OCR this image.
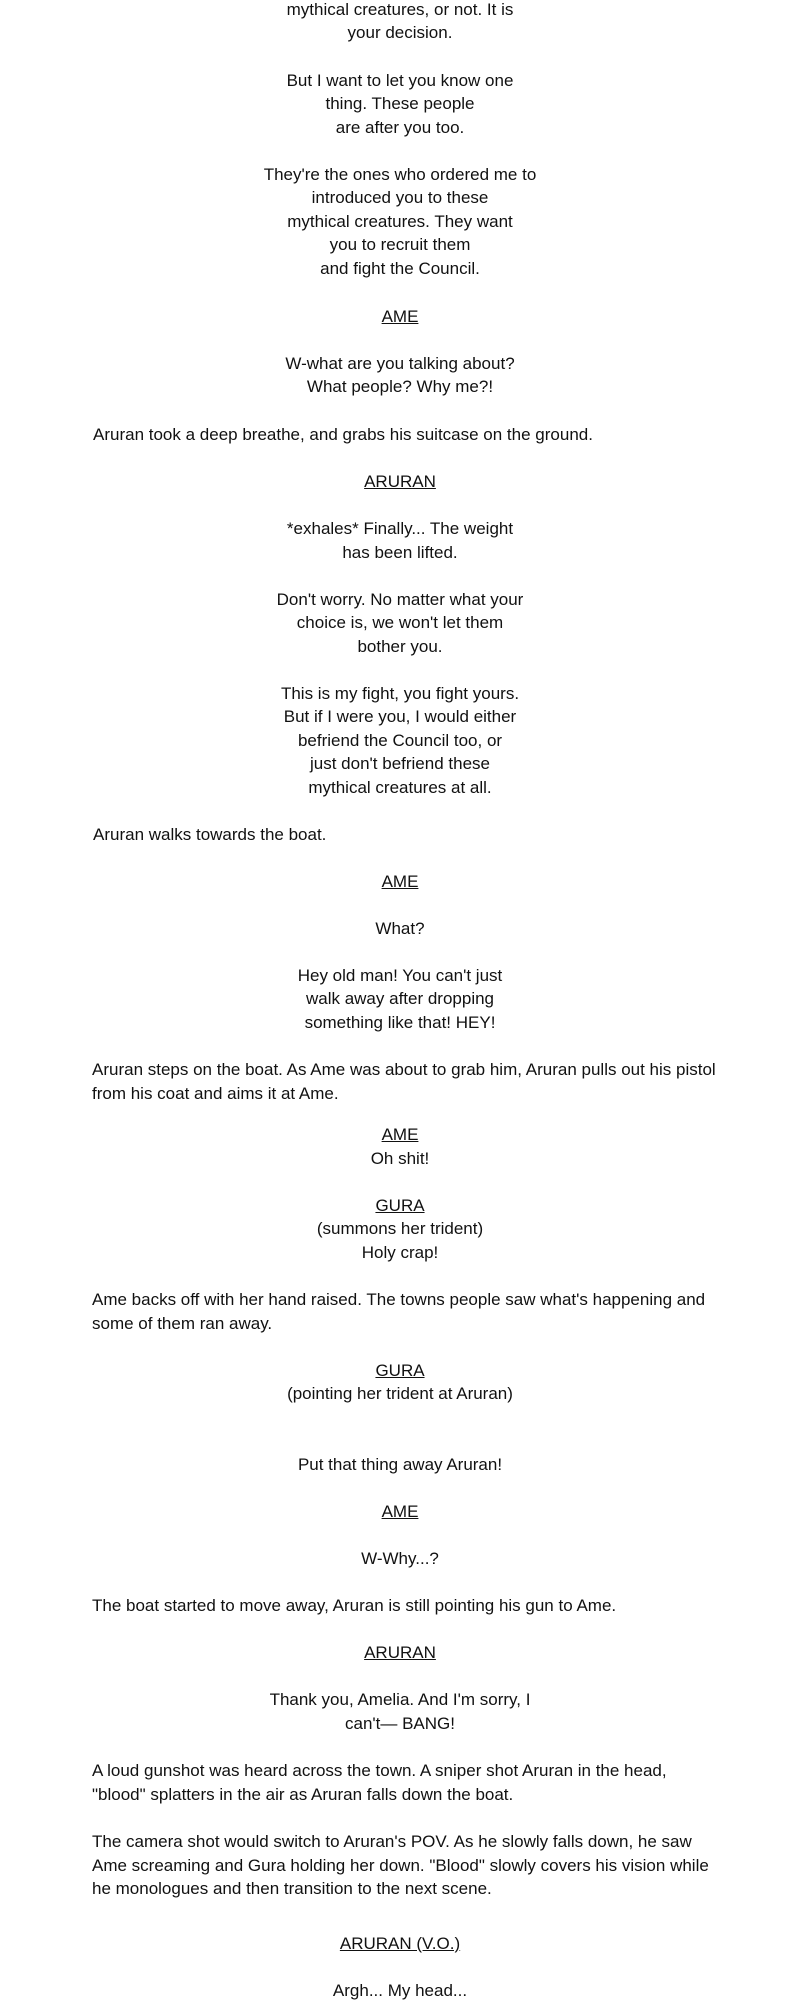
mythical creatures, or not. It is
your decision.
But I want to let you know one
thing. These people
are after you too.
They're the ones who ordered me to
introduced you to these
mythical creatures. They want
you to recruit them
and fight the Council.
AME
W-what are you talking about?
What people? Why me?!
Aruran took a deep breathe, and grabs his suitcase on the ground.
ARURAN
*exhales* Finally... The weight
has been lifted.
Don't worry. No matter what your
choice is, we won't let them
bother you.
This is my fight, you fight yours.
But if I were you, I would either
befriend the Council too, or
just don't befriend these
mythical creatures at all.
Aruran walks towards the boat.
AME
What?
Hey old man! You can't just
walk away after dropping
something like that! HEY!
Aruran steps on the boat. As Ame was about to grab him, Aruran pulls out his pistol from his coat and aims it at Ame.
AME
Oh shit!
GURA
(summons her trident)
Holy crap!
Ame backs off with her hand raised. The towns people saw what's happening and some of them ran away.
GURA
(pointing her trident at Aruran)
Put that thing away Aruran!
AME
W-Why...?
The boat started to move away, Aruran is still pointing his gun to Ame.
ARURAN
Thank you, Amelia. And I'm sorry, I
can't— BANG!
A loud gunshot was heard across the town. A sniper shot Aruran in the head, "blood" splatters in the air as Aruran falls down the boat.
The camera shot would switch to Aruran's POV. As he slowly falls down, he saw Ame screaming and Gura holding her down. "Blood" slowly covers his vision while he monologues and then transition to the next scene.
ARURAN (V.O.)
Argh... My head...
